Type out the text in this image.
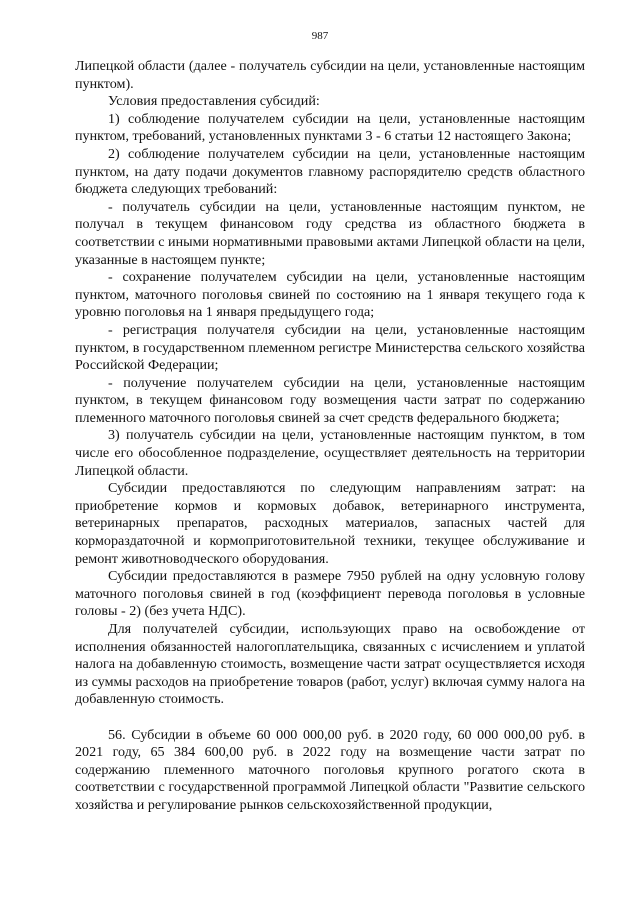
987

Липецкой области (далее - получатель субсидии на цели, установленные настоящим пунктом).

Условия предоставления субсидий:

1) соблюдение получателем субсидии на цели, установленные настоящим пунктом, требований, установленных пунктами 3 - 6 статьи 12 настоящего Закона;

2) соблюдение получателем субсидии на цели, установленные настоящим пунктом, на дату подачи документов главному распорядителю средств областного бюджета следующих требований:

- получатель субсидии на цели, установленные настоящим пунктом, не получал в текущем финансовом году средства из областного бюджета в соответствии с иными нормативными правовыми актами Липецкой области на цели, указанные в настоящем пункте;

- сохранение получателем субсидии на цели, установленные настоящим пунктом, маточного поголовья свиней по состоянию на 1 января текущего года к уровню поголовья на 1 января предыдущего года;

- регистрация получателя субсидии на цели, установленные настоящим пунктом, в государственном племенном регистре Министерства сельского хозяйства Российской Федерации;

- получение получателем субсидии на цели, установленные настоящим пунктом, в текущем финансовом году возмещения части затрат по содержанию племенного маточного поголовья свиней за счет средств федерального бюджета;

3) получатель субсидии на цели, установленные настоящим пунктом, в том числе его обособленное подразделение, осуществляет деятельность на территории Липецкой области.

Субсидии предоставляются по следующим направлениям затрат: на приобретение кормов и кормовых добавок, ветеринарного инструмента, ветеринарных препаратов, расходных материалов, запасных частей для кормораздаточной и кормоприготовительной техники, текущее обслуживание и ремонт животноводческого оборудования.

Субсидии предоставляются в размере 7950 рублей на одну условную голову маточного поголовья свиней в год (коэффициент перевода поголовья в условные головы - 2) (без учета НДС).

Для получателей субсидии, использующих право на освобождение от исполнения обязанностей налогоплательщика, связанных с исчислением и уплатой налога на добавленную стоимость, возмещение части затрат осуществляется исходя из суммы расходов на приобретение товаров (работ, услуг) включая сумму налога на добавленную стоимость.

56. Субсидии в объеме 60 000 000,00 руб. в 2020 году, 60 000 000,00 руб. в 2021 году, 65 384 600,00 руб. в 2022 году на возмещение части затрат по содержанию племенного маточного поголовья крупного рогатого скота в соответствии с государственной программой Липецкой области "Развитие сельского хозяйства и регулирование рынков сельскохозяйственной продукции,
